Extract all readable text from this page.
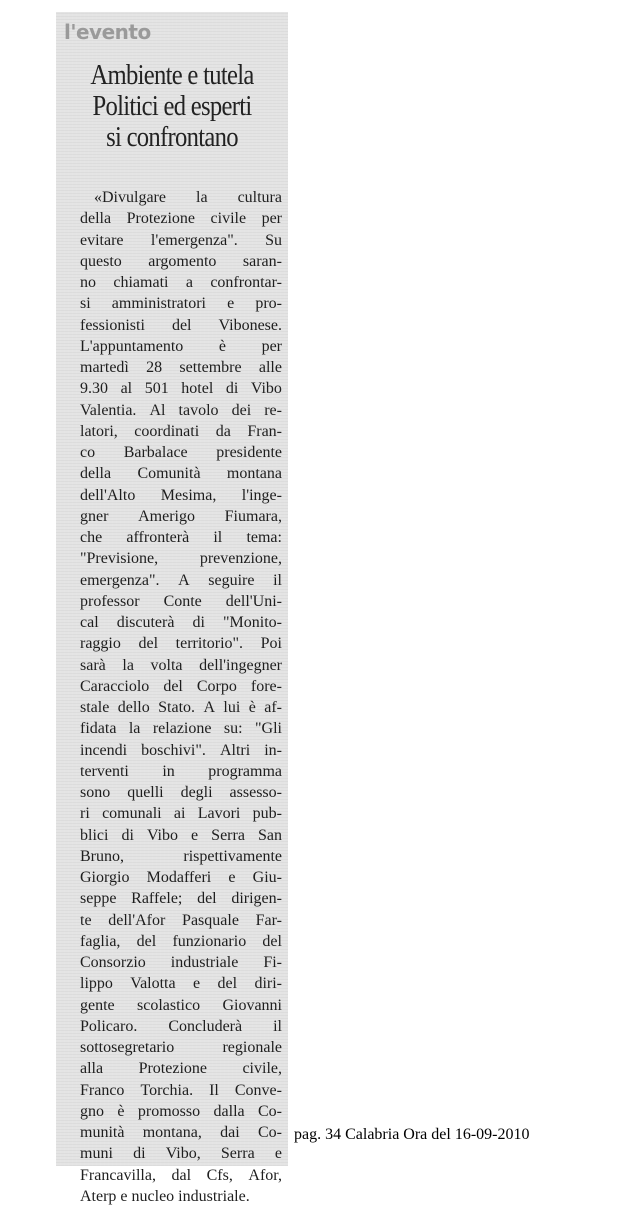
l'evento
Ambiente e tutela
Politici ed esperti
si confrontano
«Divulgare la cultura
della Protezione civile per
evitare l'emergenza". Su
questo argomento saran-
no chiamati a confrontar-
si amministratori e pro-
fessionisti del Vibonese.
L'appuntamento è per
martedì 28 settembre alle
9.30 al 501 hotel di Vibo
Valentia. Al tavolo dei re-
latori, coordinati da Fran-
co Barbalace presidente
della Comunità montana
dell'Alto Mesima, l'inge-
gner Amerigo Fiumara,
che affronterà il tema:
"Previsione,	prevenzione,
emergenza". A seguire il
professor Conte dell'Uni-
cal discuterà di "Monito-
raggio del territorio". Poi
sarà la volta dell'ingegner
Caracciolo del Corpo fore-
stale dello Stato. A lui è af-
fidata la relazione su: "Gli
incendi boschivi". Altri in-
terventi in programma
sono quelli degli assesso-
ri comunali ai Lavori pub-
blici di Vibo e Serra San
Bruno,	rispettivamente
Giorgio Modafferi e Giu-
seppe Raffele; del dirigen-
te dell'Afor Pasquale Far-
faglia, del funzionario del
Consorzio industriale Fi-
lippo Valotta e del diri-
gente scolastico Giovanni
Policaro. Concluderà il
sottosegretario	regionale
alla Protezione civile,
Franco Torchia. Il Conve-
gno è promosso dalla Co-
munità montana, dai Co-
muni di Vibo, Serra e
Francavilla, dal Cfs, Afor,
Aterp e nucleo industriale.
pag. 34 Calabria Ora del 16-09-2010
